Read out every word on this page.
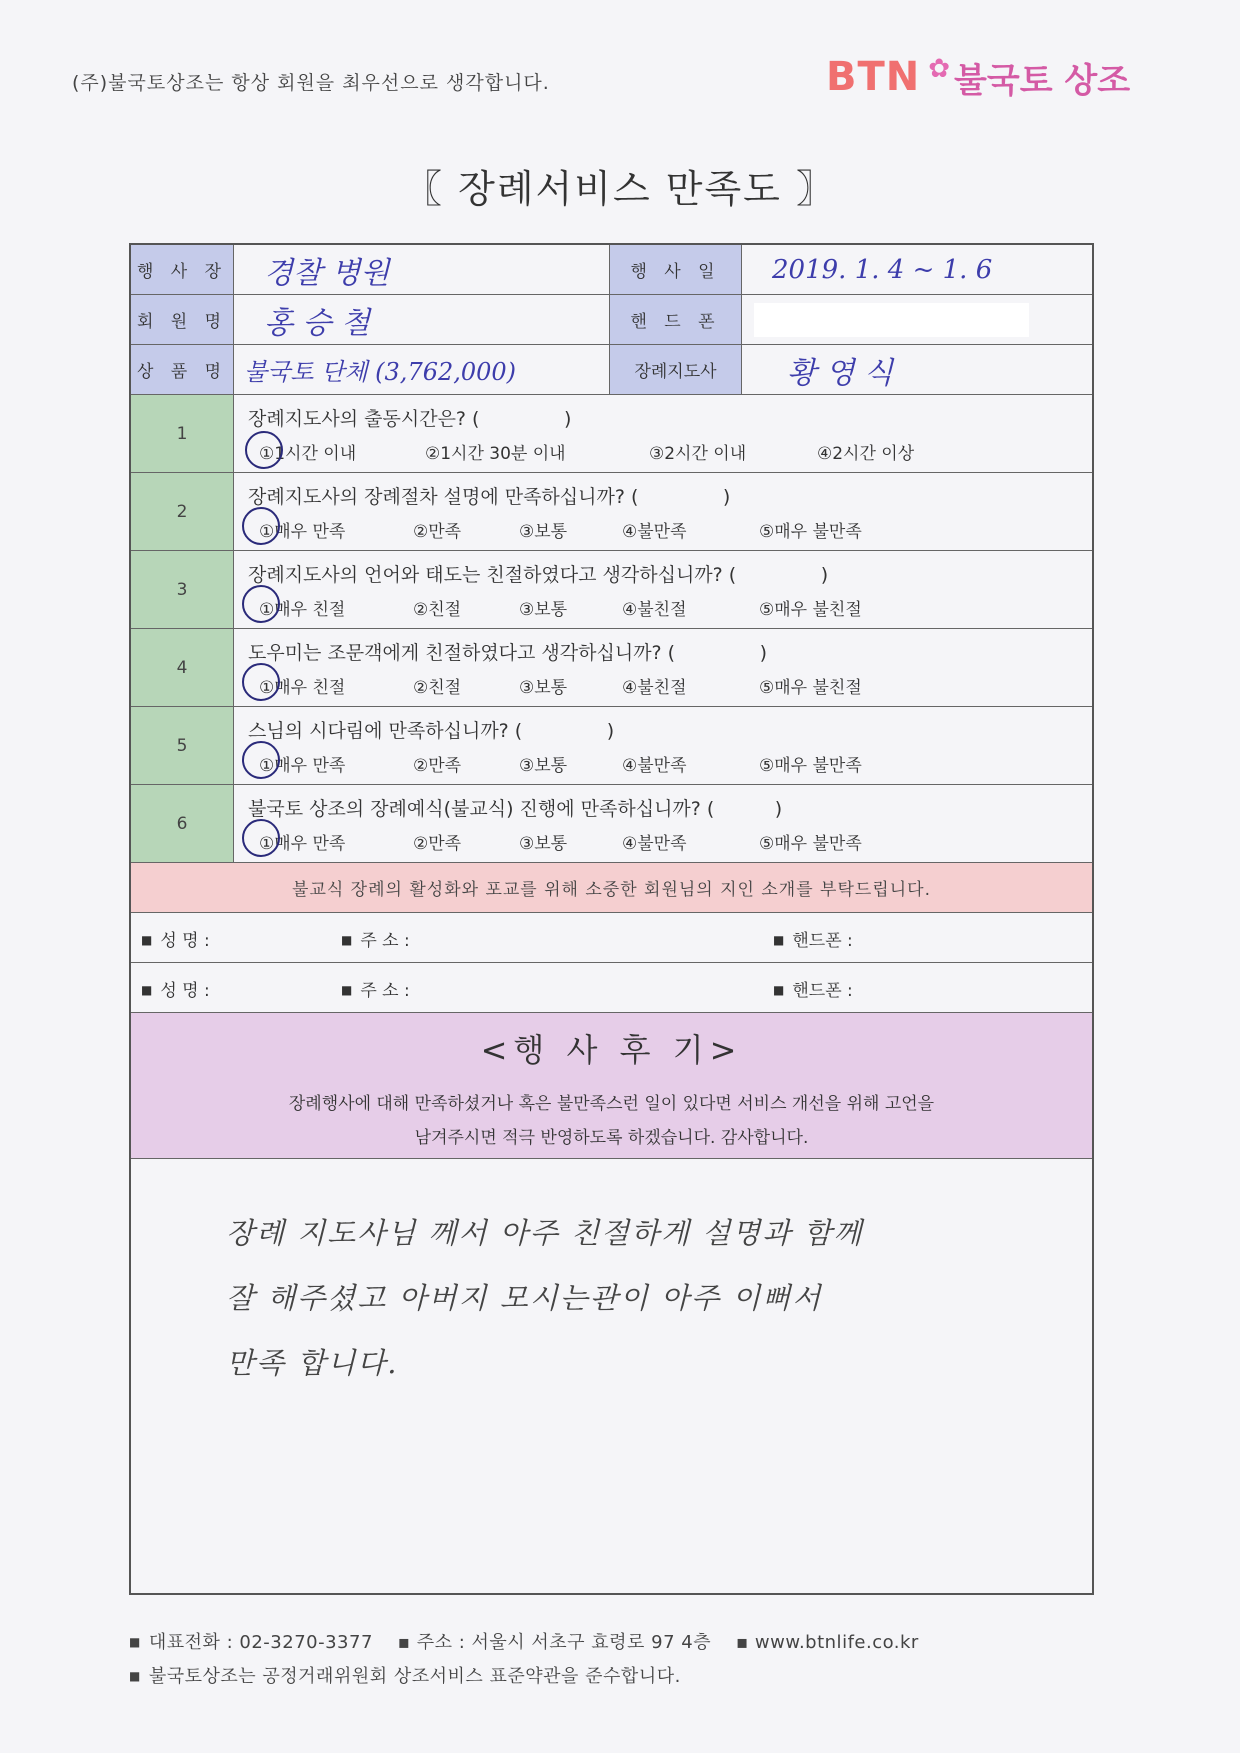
(주)불국토상조는 항상 회원을 최우선으로 생각합니다.	BTN ✿ 불국토 상조
〖 장례서비스 만족도 〗
행 사 장	경찰 병원	행 사 일	2019. 1. 4 ~ 1. 6
회 원 명	홍 승 철	핸 드 폰
상 품 명 불국토 단체 (3,762,000)	장례지도사	황 영 식
1
장례지도사의 출동시간은? (              )
①1시간 이내	②1시간 30분 이내	③2시간 이내	④2시간 이상
2
장례지도사의 장례절차 설명에 만족하십니까? (              )
①매우 만족	②만족	③보통	④불만족	⑤매우 불만족
3
장례지도사의 언어와 태도는 친절하였다고 생각하십니까? (              )
①매우 친절	②친절	③보통	④불친절	⑤매우 불친절
4
도우미는 조문객에게 친절하였다고 생각하십니까? (              )
①매우 친절	②친절	③보통	④불친절	⑤매우 불친절
5
스님의 시다림에 만족하십니까? (              )
①매우 만족	②만족	③보통	④불만족	⑤매우 불만족
6
불국토 상조의 장례예식(불교식) 진행에 만족하십니까? (          )
①매우 만족	②만족	③보통	④불만족	⑤매우 불만족
불교식 장례의 활성화와 포교를 위해 소중한 회원님의 지인 소개를 부탁드립니다.
■ 성 명 :	■ 주 소 :	■ 핸드폰 :
■ 성 명 :	■ 주 소 :	■ 핸드폰 :
<행 사 후 기>
장례행사에 대해 만족하셨거나 혹은 불만족스런 일이 있다면 서비스 개선을 위해 고언을
남겨주시면 적극 반영하도록 하겠습니다. 감사합니다.
장례 지도사님 께서 아주 친절하게 설명과 함께
잘 해주셨고 아버지 모시는관이 아주 이뻐서
만족 합니다.
■ 대표전화 : 02-3270-3377    ▪ 주소 : 서울시 서초구 효령로 97 4층    ▪ www.btnlife.co.kr
■ 불국토상조는 공정거래위원회 상조서비스 표준약관을 준수합니다.
